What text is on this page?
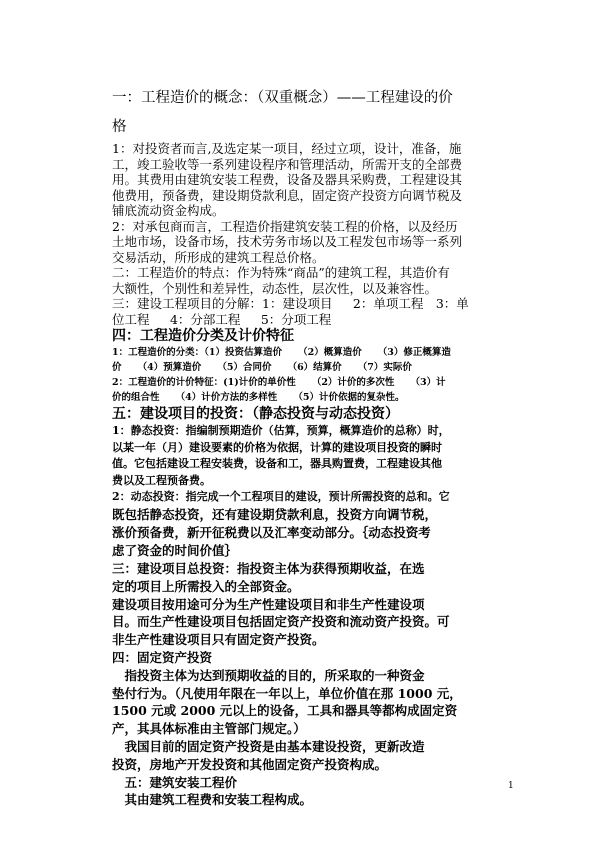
一：工程造价的概念：（双重概念）——工程建设的价
格
1：对投资者而言,及选定某一项目，经过立项，设计，准备，施
工，竣工验收等一系列建设程序和管理活动，所需开支的全部费
用。其费用由建筑安装工程费，设备及器具采购费，工程建设其
他费用，预备费，建设期贷款利息，固定资产投资方向调节税及
铺底流动资金构成。
2：对承包商而言，工程造价指建筑安装工程的价格，以及经历
土地市场，设备市场，技术劳务市场以及工程发包市场等一系列
交易活动，所形成的建筑工程总价格。
二：工程造价的特点：作为特殊“商品”的建筑工程，其造价有
大额性，个别性和差异性，动态性，层次性，以及兼容性。
三：建设工程项目的分解：1：建设项目　  2：单项工程　3：单
位工程　  4：分部工程　  5：分项工程
四：工程造价分类及计价特征
1：工程造价的分类：（1）投资估算造价　  （2）概算造价　  （3）修正概算造
价　  （4）预算造价　  （5）合同价　  （6）结算价　  （7）实际价
2：工程造价的计价特征：(1)计价的单价性　  （2）计价的多次性　  （3）计
价的组合性　  （4）计价方法的多样性　  （5）计价依据的复杂性。
五：建设项目的投资：（静态投资与动态投资）
1：静态投资：指编制预期造价（估算，预算，概算造价的总称）时，
以某一年（月）建设要素的价格为依据，计算的建设项目投资的瞬时
值。它包括建设工程安装费，设备和工，器具购置费，工程建设其他
费以及工程预备费。
2：动态投资：指完成一个工程项目的建设，预计所需投资的总和。它
既包括静态投资，还有建设期贷款利息，投资方向调节税，
涨价预备费，新开征税费以及汇率变动部分。｛动态投资考
虑了资金的时间价值｝
三：建设项目总投资：指投资主体为获得预期收益，在选
定的项目上所需投入的全部资金。
建设项目按用途可分为生产性建设项目和非生产性建设项
目。而生产性建设项目包括固定资产投资和流动资产投资。可
非生产性建设项目只有固定资产投资。
四：固定资产投资
　指投资主体为达到预期收益的目的，所采取的一种资金
垫付行为。（凡使用年限在一年以上，单位价值在那 1000 元，
1500 元或 2000 元以上的设备，工具和器具等都构成固定资
产，其具体标准由主管部门规定。）
　我国目前的固定资产投资是由基本建设投资，更新改造
投资，房地产开发投资和其他固定资产投资构成。
　五：建筑安装工程价
　其由建筑工程费和安装工程构成。
1
